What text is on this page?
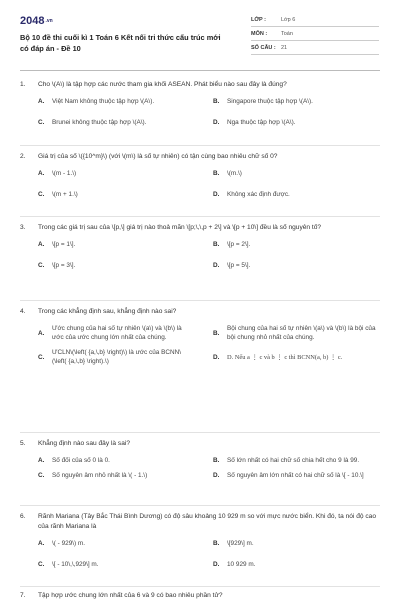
2048.vn
Bộ 10 đề thi cuối kì 1 Toán 6 Kết nối tri thức cấu trúc mới có đáp án - Đề 10
LỚP :	Lớp 6
MÔN :	Toán
SỐ CÂU : 21
1.	Cho \(A\) là tập hợp các nước tham gia khối ASEAN. Phát biểu nào sau đây là đúng?
A.	Việt Nam không thuộc tập hợp \(A\).	B.	Singapore thuộc tập hợp \(A\).
C.	Brunei không thuộc tập hợp \(A\).	D.	Nga thuộc tập hợp \(A\).
2.	Giá trị của số \({10^m}\) (với \(m\) là số tự nhiên) có tận cùng bao nhiêu chữ số 0?
A.	\(m - 1.\)	B.	\(m.\)
C.	\(m + 1.\)	D.	Không xác định được.
3.	Trong các giá trị sau của \[p,\] giá trị nào thoả mãn \[p;\,\,p + 2\] và \[p + 10\] đều là số nguyên tố?
A.	\[p = 1\].	B.	\[p = 2\].
C.	\[p = 3\].	D.	\[p = 5\].
4.	Trong các khẳng định sau, khẳng định nào sai?
A.
Ước chung của hai số tự nhiên \(a\) và \(b\) là ước của ước chung lớn nhất của chúng.
B.
Bội chung của hai số tự nhiên \(a\) và \(b\) là bội của bội chung nhỏ nhất của chúng.
C.
ƯCLN\(\left( {a,\,b} \right)\) là ước của BCNN\(\left( {a,\,b} \right).\)
D.	D. Nếu a ⋮ c và b ⋮ c thì BCNN(a, b) ⋮ c.
5.	Khẳng định nào sau đây là sai?
A.	Số đối của số 0 là 0.	B.	Số lớn nhất có hai chữ số chia hết cho 9 là 99.
C.	Số nguyên âm nhỏ nhất là \( - 1.\)	D.	Số nguyên âm lớn nhất có hai chữ số là \[ - 10.\]
6.	Rãnh Mariana (Tây Bắc Thái Bình Dương) có độ sâu khoảng 10 929 m so với mực nước biển. Khi đó, ta nói độ cao của rãnh Mariana là
A.	\( - 929\) m.	B.	\[929\] m.
C.	\[ - 10\,\,929\] m.	D.	10 929 m.
7.	Tập hợp ước chung lớn nhất của 6 và 9 có bao nhiêu phần tử?
